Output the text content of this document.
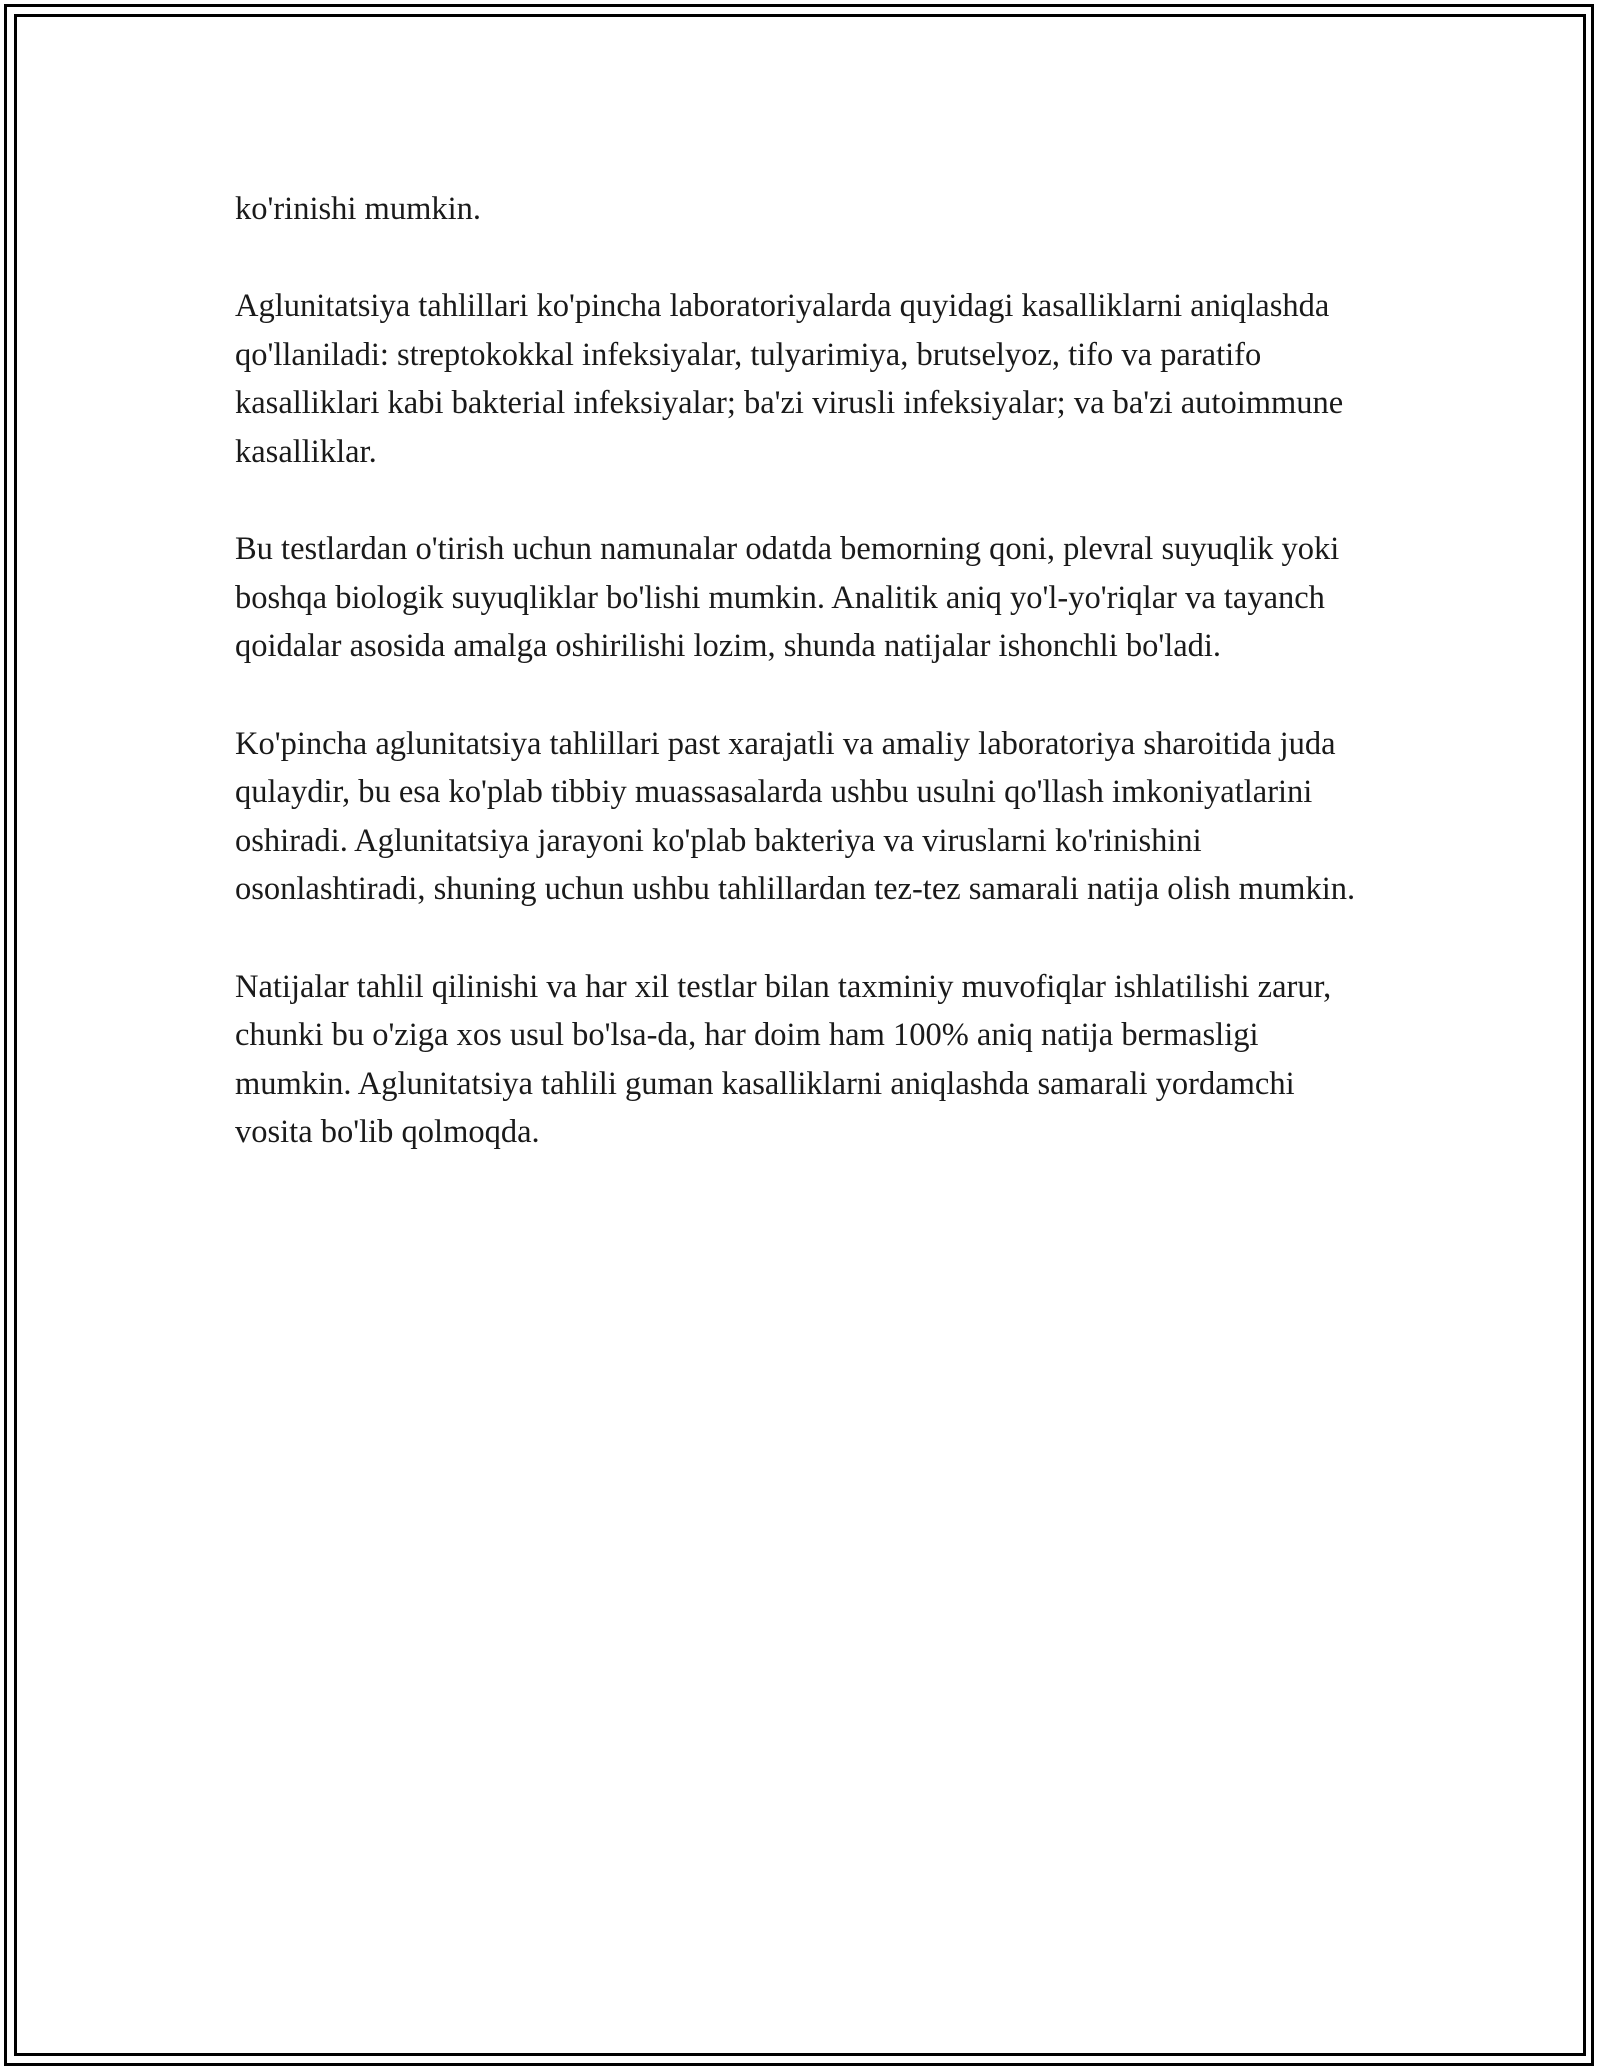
ko'rinishi mumkin.

Aglunitatsiya tahlillari ko'pincha laboratoriyalarda quyidagi kasalliklarni aniqlashda qo'llaniladi: streptokokkal infeksiyalar, tulyarimiya, brutselyoz, tifo va paratifo kasalliklari kabi bakterial infeksiyalar; ba'zi virusli infeksiyalar; va ba'zi autoimmune kasalliklar.

Bu testlardan o'tirish uchun namunalar odatda bemorning qoni, plevral suyuqlik yoki boshqa biologik suyuqliklar bo'lishi mumkin. Analitik aniq yo'l-yo'riqlar va tayanch qoidalar asosida amalga oshirilishi lozim, shunda natijalar ishonchli bo'ladi.

Ko'pincha aglunitatsiya tahlillari past xarajatli va amaliy laboratoriya sharoitida juda qulaydir, bu esa ko'plab tibbiy muassasalarda ushbu usulni qo'llash imkoniyatlarini oshiradi. Aglunitatsiya jarayoni ko'plab bakteriya va viruslarni ko'rinishini osonlashtiradi, shuning uchun ushbu tahlillardan tez-tez samarali natija olish mumkin.

Natijalar tahlil qilinishi va har xil testlar bilan taxminiy muvofiqlar ishlatilishi zarur, chunki bu o'ziga xos usul bo'lsa-da, har doim ham 100% aniq natija bermasligi mumkin. Aglunitatsiya tahlili guman kasalliklarni aniqlashda samarali yordamchi vosita bo'lib qolmoqda.
